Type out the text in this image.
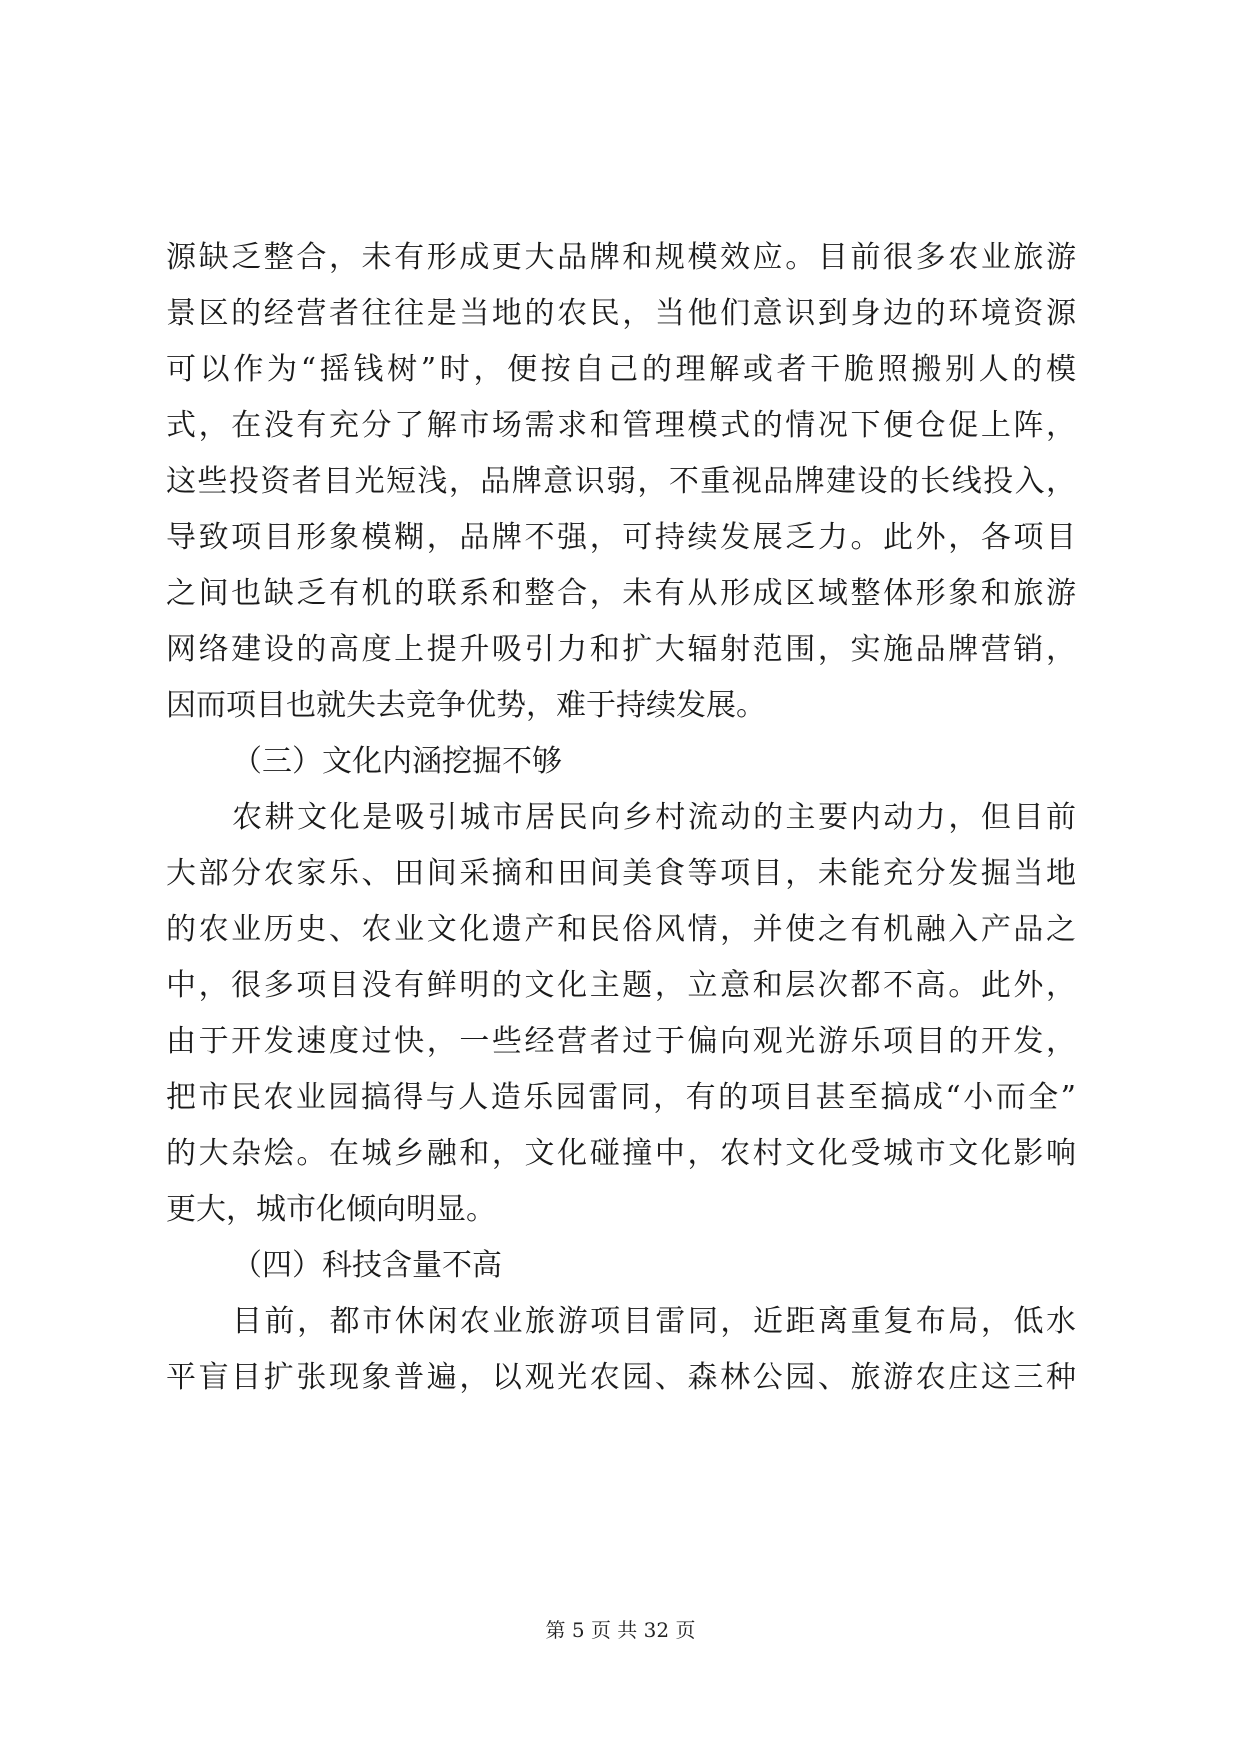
源缺乏整合，未有形成更大品牌和规模效应。目前很多农业旅游
景区的经营者往往是当地的农民，当他们意识到身边的环境资源
可以作为“摇钱树”时，便按自己的理解或者干脆照搬别人的模
式，在没有充分了解市场需求和管理模式的情况下便仓促上阵，
这些投资者目光短浅，品牌意识弱，不重视品牌建设的长线投入，
导致项目形象模糊，品牌不强，可持续发展乏力。此外，各项目
之间也缺乏有机的联系和整合，未有从形成区域整体形象和旅游
网络建设的高度上提升吸引力和扩大辐射范围，实施品牌营销，
因而项目也就失去竞争优势，难于持续发展。
（三）文化内涵挖掘不够
农耕文化是吸引城市居民向乡村流动的主要内动力，但目前
大部分农家乐、田间采摘和田间美食等项目，未能充分发掘当地
的农业历史、农业文化遗产和民俗风情，并使之有机融入产品之
中，很多项目没有鲜明的文化主题，立意和层次都不高。此外，
由于开发速度过快，一些经营者过于偏向观光游乐项目的开发，
把市民农业园搞得与人造乐园雷同，有的项目甚至搞成“小而全”
的大杂烩。在城乡融和，文化碰撞中，农村文化受城市文化影响
更大，城市化倾向明显。
（四）科技含量不高
目前，都市休闲农业旅游项目雷同，近距离重复布局，低水
平盲目扩张现象普遍，以观光农园、森林公园、旅游农庄这三种
第 5 页 共 32 页
